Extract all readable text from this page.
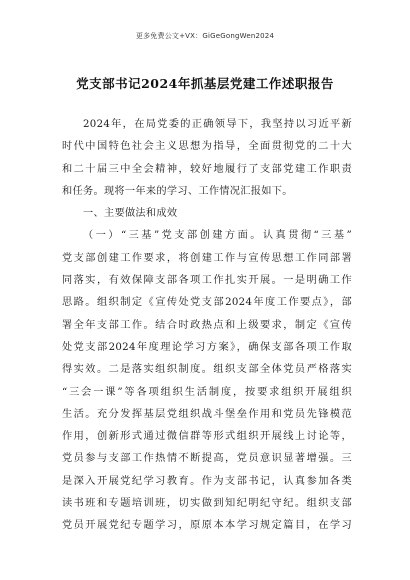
更多免费公文+VX：GiGeGongWen2024
党支部书记2024年抓基层党建工作述职报告
2024年，在局党委的正确领导下，我坚持以习近平新
时代中国特色社会主义思想为指导，全面贯彻党的二十大
和二十届三中全会精神，较好地履行了支部党建工作职责
和任务。现将一年来的学习、工作情况汇报如下。
一、主要做法和成效
（一）“三基”党支部创建方面。认真贯彻“三基”
党支部创建工作要求，将创建工作与宣传思想工作同部署
同落实，有效保障支部各项工作扎实开展。一是明确工作
思路。组织制定《宣传处党支部2024年度工作要点》，部
署全年支部工作。结合时政热点和上级要求，制定《宣传
处党支部2024年度理论学习方案》，确保支部各项工作取
得实效。二是落实组织制度。组织支部全体党员严格落实
“三会一课”等各项组织生活制度，按要求组织开展组织
生活。充分发挥基层党组织战斗堡垒作用和党员先锋模范
作用，创新形式通过微信群等形式组织开展线上讨论等，
党员参与支部工作热情不断提高，党员意识显著增强。三
是深入开展党纪学习教育。作为支部书记，认真参加各类
读书班和专题培训班，切实做到知纪明纪守纪。组织支部
党员开展党纪专题学习，原原本本学习规定篇目，在学习
